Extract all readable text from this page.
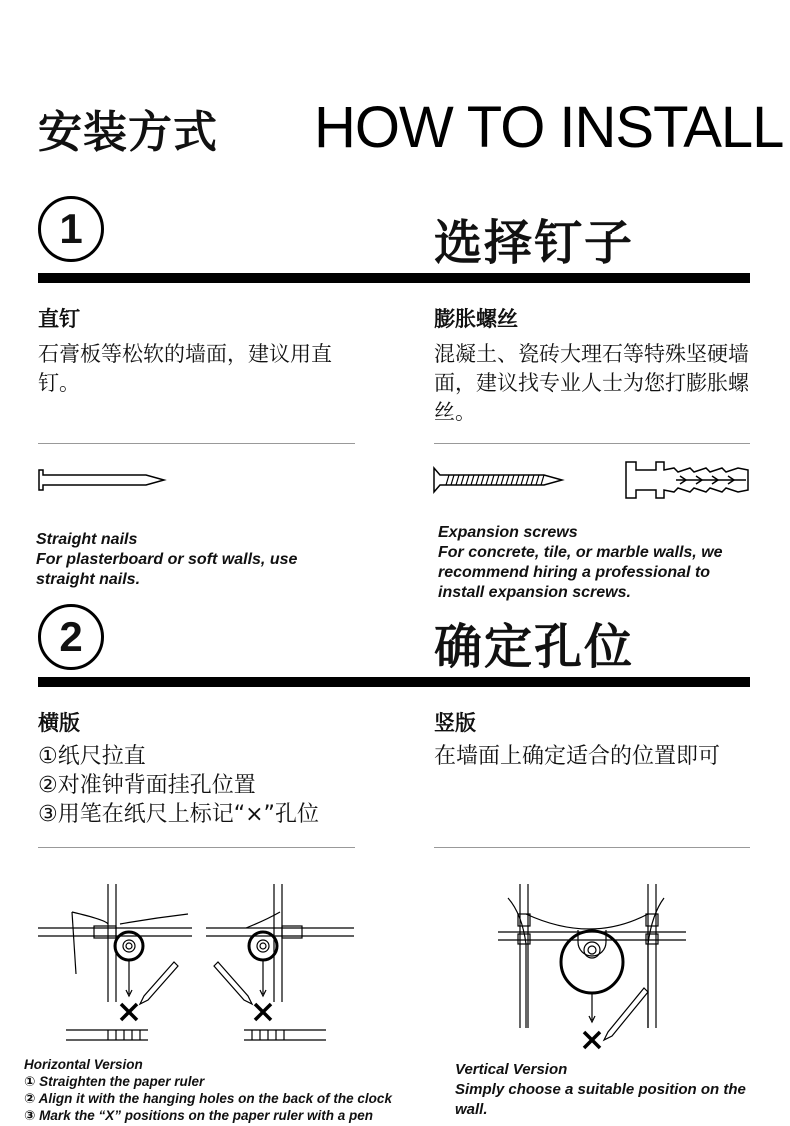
安装方式 HOW TO INSTALL
1	选择钉子
直钉
石膏板等松软的墙面，建议用直钉。
膨胀螺丝
混凝土、瓷砖大理石等特殊坚硬墙面，建议找专业人士为您打膨胀螺丝。
Straight nails
For plasterboard or soft walls, use
straight nails.
Expansion screws
For concrete, tile, or marble walls, we
recommend hiring a professional to
install expansion screws.
2	确定孔位
横版
①纸尺拉直
②对准钟背面挂孔位置
③用笔在纸尺上标记“×”孔位
竖版
在墙面上确定适合的位置即可
Horizontal Version
① Straighten the paper ruler
② Align it with the hanging holes on the back of the clock
③ Mark the “X” positions on the paper ruler with a pen
Vertical Version
Simply choose a suitable position on the
wall.
